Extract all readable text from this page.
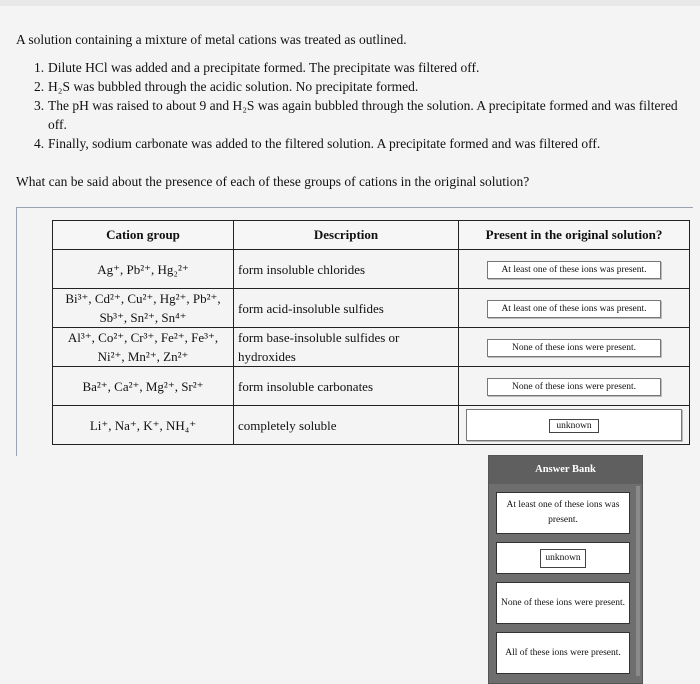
A solution containing a mixture of metal cations was treated as outlined.
1. Dilute HCl was added and a precipitate formed. The precipitate was filtered off.
2. H₂S was bubbled through the acidic solution. No precipitate formed.
3. The pH was raised to about 9 and H₂S was again bubbled through the solution. A precipitate formed and was filtered off.
4. Finally, sodium carbonate was added to the filtered solution. A precipitate formed and was filtered off.
What can be said about the presence of each of these groups of cations in the original solution?
Cation group	Description	Present in the original solution?
Ag⁺, Pb²⁺, Hg₂²⁺	form insoluble chlorides	At least one of these ions was present.
Bi³⁺, Cd²⁺, Cu²⁺, Hg²⁺, Pb²⁺, Sb³⁺, Sn²⁺, Sn⁴⁺	form acid-insoluble sulfides	At least one of these ions was present.
Al³⁺, Co²⁺, Cr³⁺, Fe²⁺, Fe³⁺, Ni²⁺, Mn²⁺, Zn²⁺	form base-insoluble sulfides or hydroxides	None of these ions were present.
Ba²⁺, Ca²⁺, Mg²⁺, Sr²⁺	form insoluble carbonates	None of these ions were present.
Li⁺, Na⁺, K⁺, NH₄⁺	completely soluble	unknown
Answer Bank
At least one of these ions was present.
unknown
None of these ions were present.
All of these ions were present.
